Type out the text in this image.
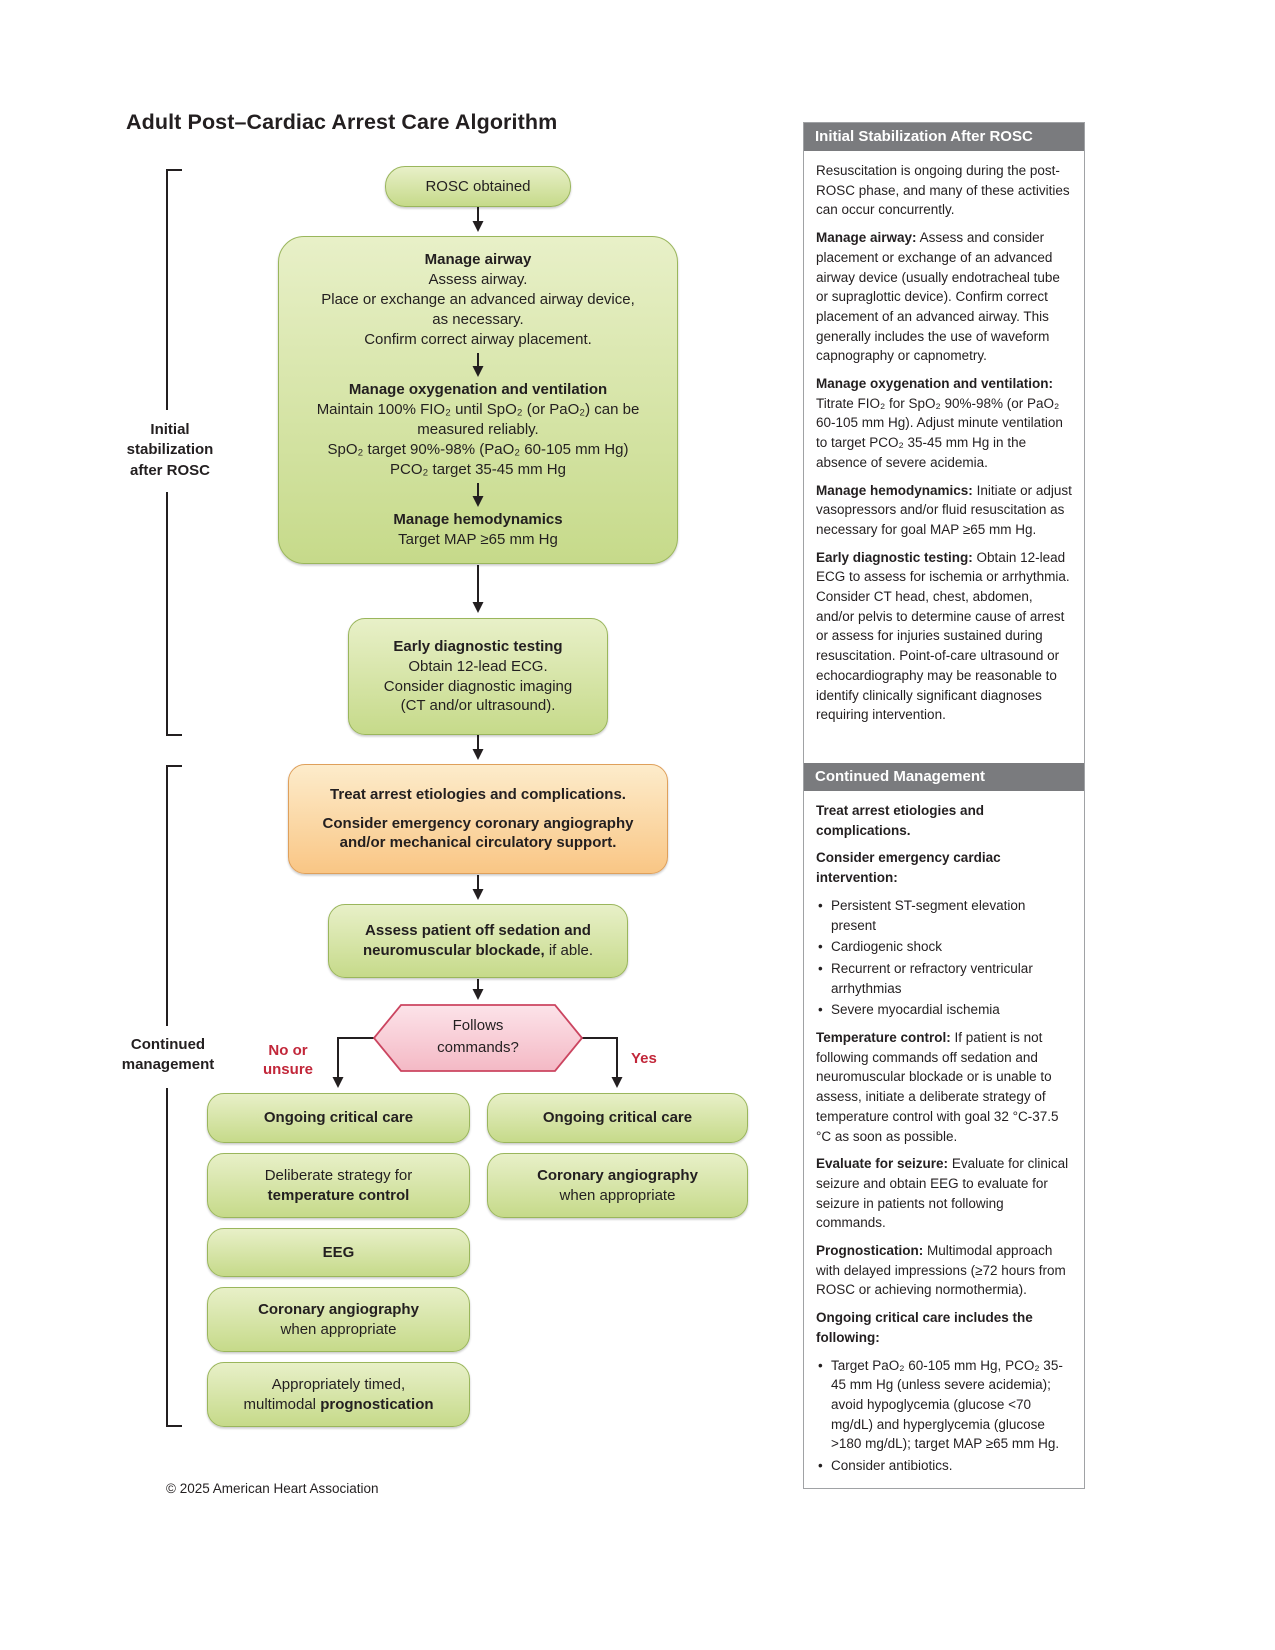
Adult Post–Cardiac Arrest Care Algorithm
Initial
stabilization
after ROSC
Continued
management
ROSC obtained
Manage airway
Assess airway.
Place or exchange an advanced airway device,
as necessary.
Confirm correct airway placement.
Manage oxygenation and ventilation
Maintain 100% FIO₂ until SpO₂ (or PaO₂) can be
measured reliably.
SpO₂ target 90%-98% (PaO₂ 60-105 mm Hg)
PCO₂ target 35-45 mm Hg
Manage hemodynamics
Target MAP ≥65 mm Hg
Early diagnostic testing
Obtain 12-lead ECG.
Consider diagnostic imaging
(CT and/or ultrasound).
Treat arrest etiologies and complications.
Consider emergency coronary angiography and/or mechanical circulatory support.
Assess patient off sedation and neuromuscular blockade, if able.
Follows
commands?
No or
unsure
Yes
Ongoing critical care
Deliberate strategy for
temperature control
EEG
Coronary angiography
when appropriate
Appropriately timed,
multimodal prognostication
Ongoing critical care
Coronary angiography
when appropriate
Initial Stabilization After ROSC

Resuscitation is ongoing during the post-ROSC phase, and many of these activities can occur concurrently.

Manage airway: Assess and consider placement or exchange of an advanced airway device (usually endotracheal tube or supraglottic device). Confirm correct placement of an advanced airway. This generally includes the use of waveform capnography or capnometry.

Manage oxygenation and ventilation: Titrate FIO₂ for SpO₂ 90%-98% (or PaO₂ 60-105 mm Hg). Adjust minute ventilation to target PCO₂ 35-45 mm Hg in the absence of severe acidemia.

Manage hemodynamics: Initiate or adjust vasopressors and/or fluid resuscitation as necessary for goal MAP ≥65 mm Hg.

Early diagnostic testing: Obtain 12-lead ECG to assess for ischemia or arrhythmia. Consider CT head, chest, abdomen, and/or pelvis to determine cause of arrest or assess for injuries sustained during resuscitation. Point-of-care ultrasound or echocardiography may be reasonable to identify clinically significant diagnoses requiring intervention.

Continued Management

Treat arrest etiologies and complications.

Consider emergency cardiac intervention:

• Persistent ST-segment elevation present
• Cardiogenic shock
• Recurrent or refractory ventricular arrhythmias
• Severe myocardial ischemia

Temperature control: If patient is not following commands off sedation and neuromuscular blockade or is unable to assess, initiate a deliberate strategy of temperature control with goal 32 °C-37.5 °C as soon as possible.

Evaluate for seizure: Evaluate for clinical seizure and obtain EEG to evaluate for seizure in patients not following commands.

Prognostication: Multimodal approach with delayed impressions (≥72 hours from ROSC or achieving normothermia).

Ongoing critical care includes the following:

• Target PaO₂ 60-105 mm Hg, PCO₂ 35-45 mm Hg (unless severe acidemia); avoid hypoglycemia (glucose <70 mg/dL) and hyperglycemia (glucose >180 mg/dL); target MAP ≥65 mm Hg.
• Consider antibiotics.
© 2025 American Heart Association
